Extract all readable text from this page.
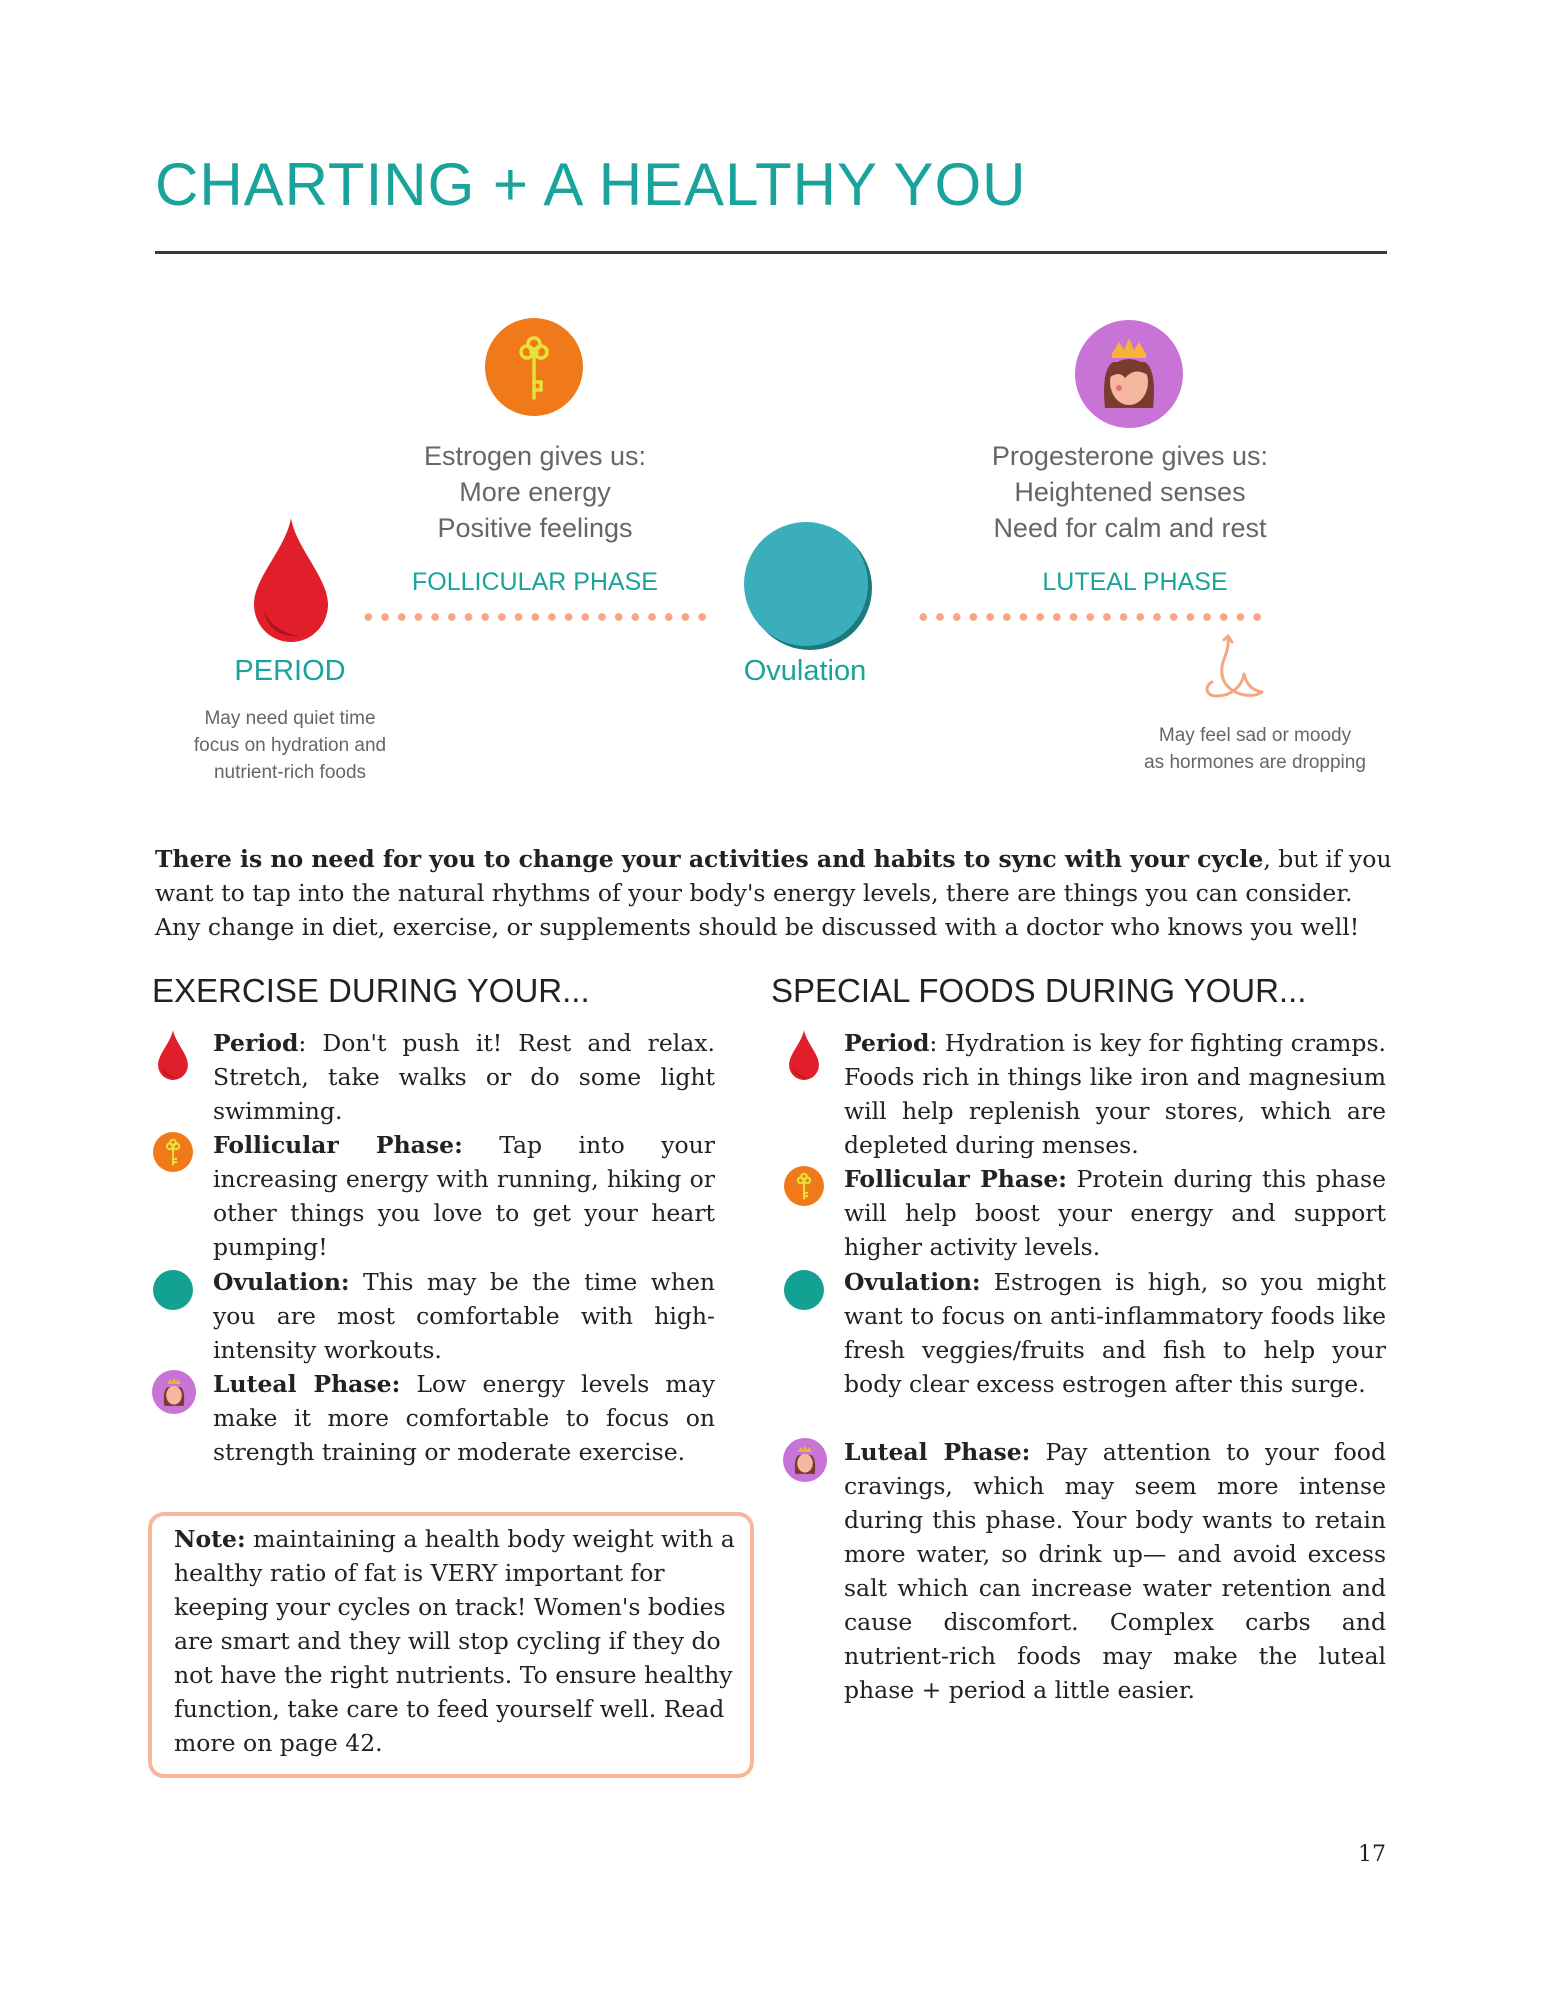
CHARTING + A HEALTHY YOU
Estrogen gives us:
More energy
Positive feelings
Progesterone gives us:
Heightened senses
Need for calm and rest
FOLLICULAR PHASE	LUTEAL PHASE
PERIOD
May need quiet time
focus on hydration and
nutrient-rich foods
Ovulation
May feel sad or moody
as hormones are dropping
There is no need for you to change your activities and habits to sync with your cycle, but if you want to tap into the natural rhythms of your body's energy levels, there are things you can consider. Any change in diet, exercise, or supplements should be discussed with a doctor who knows you well!
EXERCISE DURING YOUR...
Period: Don't push it! Rest and relax. Stretch, take walks or do some light swimming.
Follicular Phase: Tap into your increasing energy with running, hiking or other things you love to get your heart pumping!
Ovulation: This may be the time when you are most comfortable with high-intensity workouts.
Luteal Phase: Low energy levels may make it more comfortable to focus on strength training or moderate exercise.
Note: maintaining a health body weight with a healthy ratio of fat is VERY important for keeping your cycles on track! Women's bodies are smart and they will stop cycling if they do not have the right nutrients. To ensure healthy function, take care to feed yourself well. Read more on page 42.
SPECIAL FOODS DURING YOUR...
Period: Hydration is key for fighting cramps. Foods rich in things like iron and magnesium will help replenish your stores, which are depleted during menses.
Follicular Phase: Protein during this phase will help boost your energy and support higher activity levels.
Ovulation: Estrogen is high, so you might want to focus on anti-inflammatory foods like fresh veggies/fruits and fish to help your body clear excess estrogen after this surge.
Luteal Phase: Pay attention to your food cravings, which may seem more intense during this phase. Your body wants to retain more water, so drink up— and avoid excess salt which can increase water retention and cause discomfort. Complex carbs and nutrient-rich foods may make the luteal phase + period a little easier.
17
